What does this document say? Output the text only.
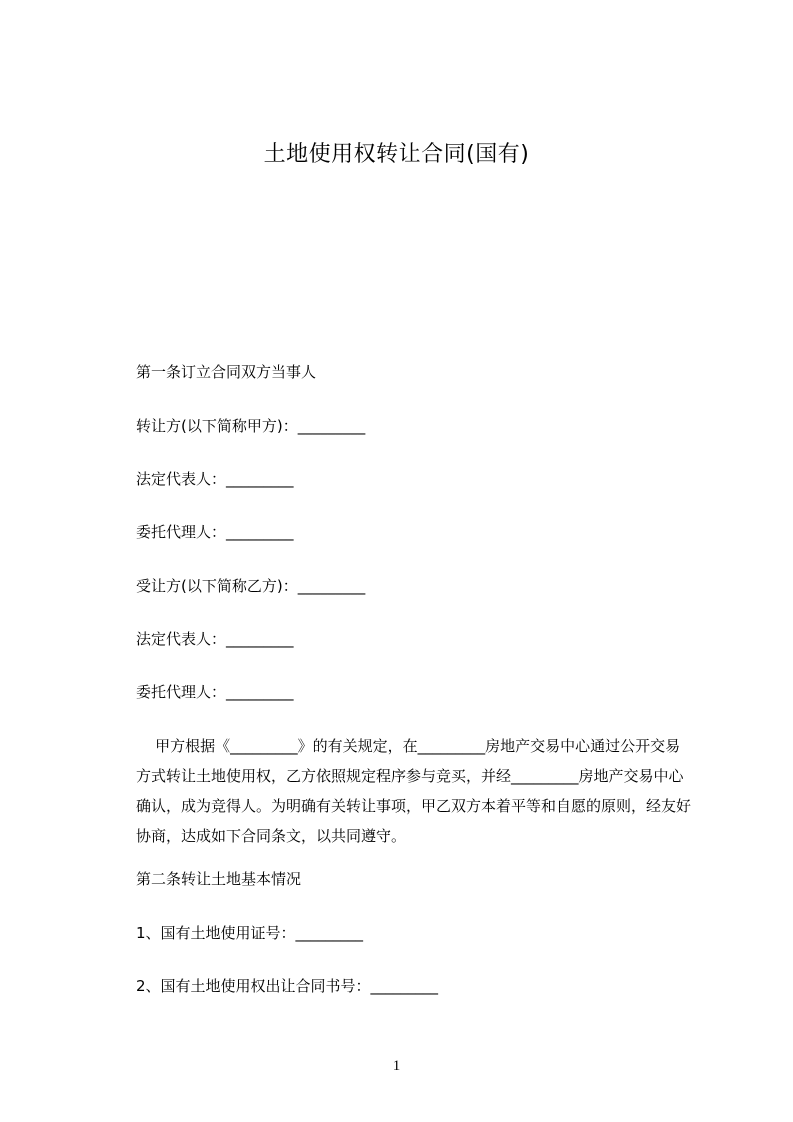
土地使用权转让合同(国有)
第一条订立合同双方当事人
转让方(以下简称甲方)：_________
法定代表人：_________
委托代理人：_________
受让方(以下简称乙方)：_________
法定代表人：_________
委托代理人：_________
甲方根据《_________》的有关规定，在_________房地产交易中心通过公开交易
方式转让土地使用权，乙方依照规定程序参与竞买，并经_________房地产交易中心
确认，成为竞得人。为明确有关转让事项，甲乙双方本着平等和自愿的原则，经友好
协商，达成如下合同条文，以共同遵守。
第二条转让土地基本情况
1、国有土地使用证号：_________
2、国有土地使用权出让合同书号：_________
1
